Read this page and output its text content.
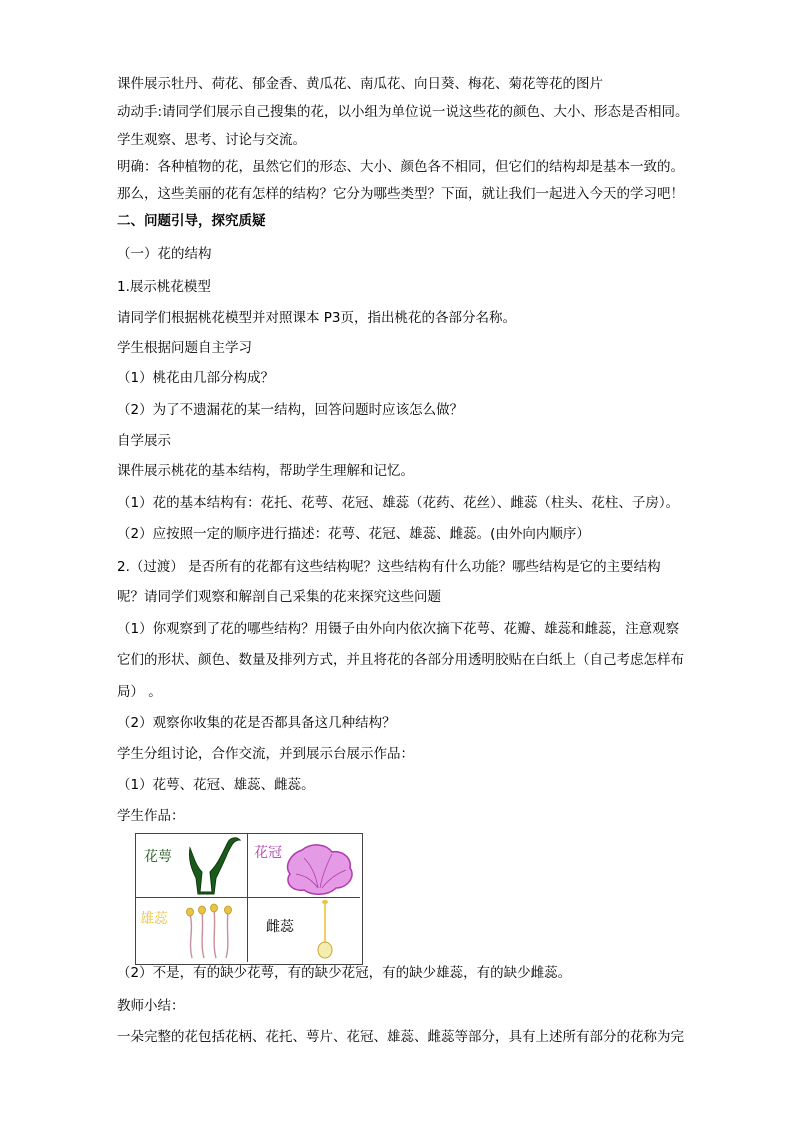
课件展示牡丹、荷花、郁金香、黄瓜花、南瓜花、向日葵、梅花、菊花等花的图片
动动手:请同学们展示自己搜集的花，以小组为单位说一说这些花的颜色、大小、形态是否相同。
学生观察、思考、讨论与交流。
明确：各种植物的花，虽然它们的形态、大小、颜色各不相同，但它们的结构却是基本一致的。
那么，这些美丽的花有怎样的结构？它分为哪些类型？下面，就让我们一起进入今天的学习吧！
二、问题引导，探究质疑
（一）花的结构
1.展示桃花模型
请同学们根据桃花模型并对照课本 P3页，指出桃花的各部分名称。
学生根据问题自主学习
（1）桃花由几部分构成？
（2）为了不遗漏花的某一结构，回答问题时应该怎么做？
自学展示
课件展示桃花的基本结构，帮助学生理解和记忆。
（1）花的基本结构有：花托、花萼、花冠、雄蕊（花药、花丝）、雌蕊（柱头、花柱、子房）。
（2）应按照一定的顺序进行描述：花萼、花冠、雄蕊、雌蕊。(由外向内顺序）
2.（过渡） 是否所有的花都有这些结构呢？这些结构有什么功能？哪些结构是它的主要结构
呢？请同学们观察和解剖自己采集的花来探究这些问题
（1）你观察到了花的哪些结构？用镊子由外向内依次摘下花萼、花瓣、雄蕊和雌蕊，注意观察
它们的形状、颜色、数量及排列方式，并且将花的各部分用透明胶贴在白纸上（自己考虑怎样布
局） 。
（2）观察你收集的花是否都具备这几种结构？
学生分组讨论，合作交流，并到展示台展示作品：
（1）花萼、花冠、雄蕊、雌蕊。
学生作品：
花萼	花冠
雄蕊	雌蕊
（2）不是，有的缺少花萼，有的缺少花冠，有的缺少雄蕊，有的缺少雌蕊。
教师小结：
一朵完整的花包括花柄、花托、萼片、花冠、雄蕊、雌蕊等部分，具有上述所有部分的花称为完
